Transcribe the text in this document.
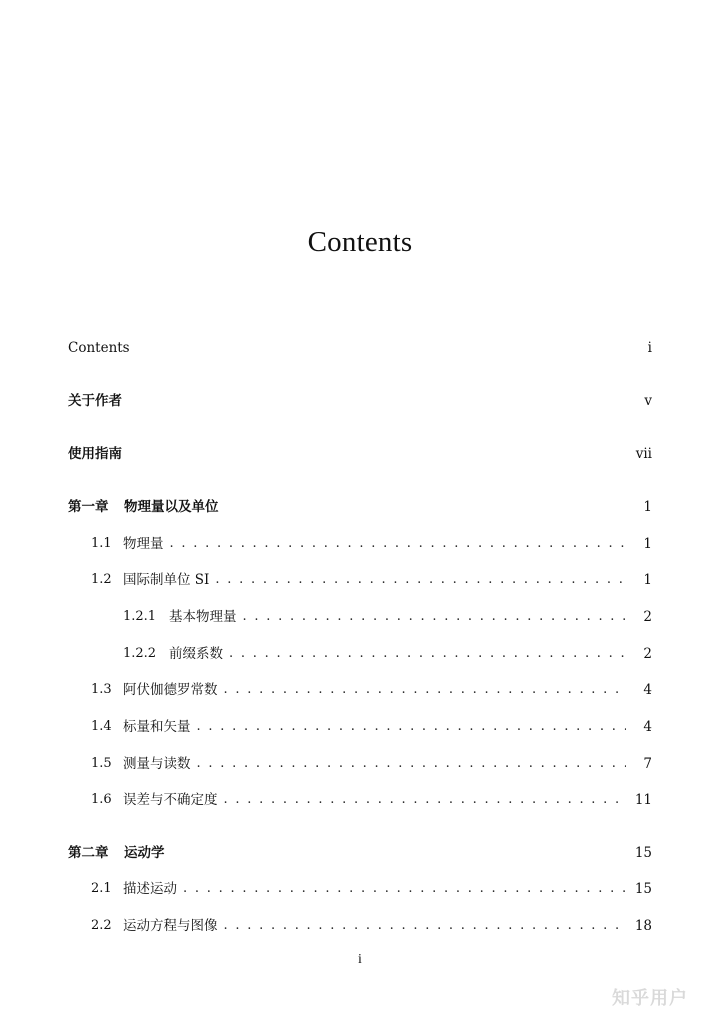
Contents
Contents	i
关于作者	v
使用指南	vii
第一章	物理量以及单位	1
1.1 物理量 . . .	1
1.2 国际制单位 SI . . .	1
1.2.1 基本物理量 . . .	2
1.2.2 前缀系数 . . .	2
1.3 阿伏伽德罗常数 . . .	4
1.4 标量和矢量 . . .	4
1.5 测量与读数 . . .	7
1.6 误差与不确定度 . . .	11
第二章	运动学	15
2.1 描述运动 . . .	15
2.2 运动方程与图像 . . .	18
i
知乎用户
